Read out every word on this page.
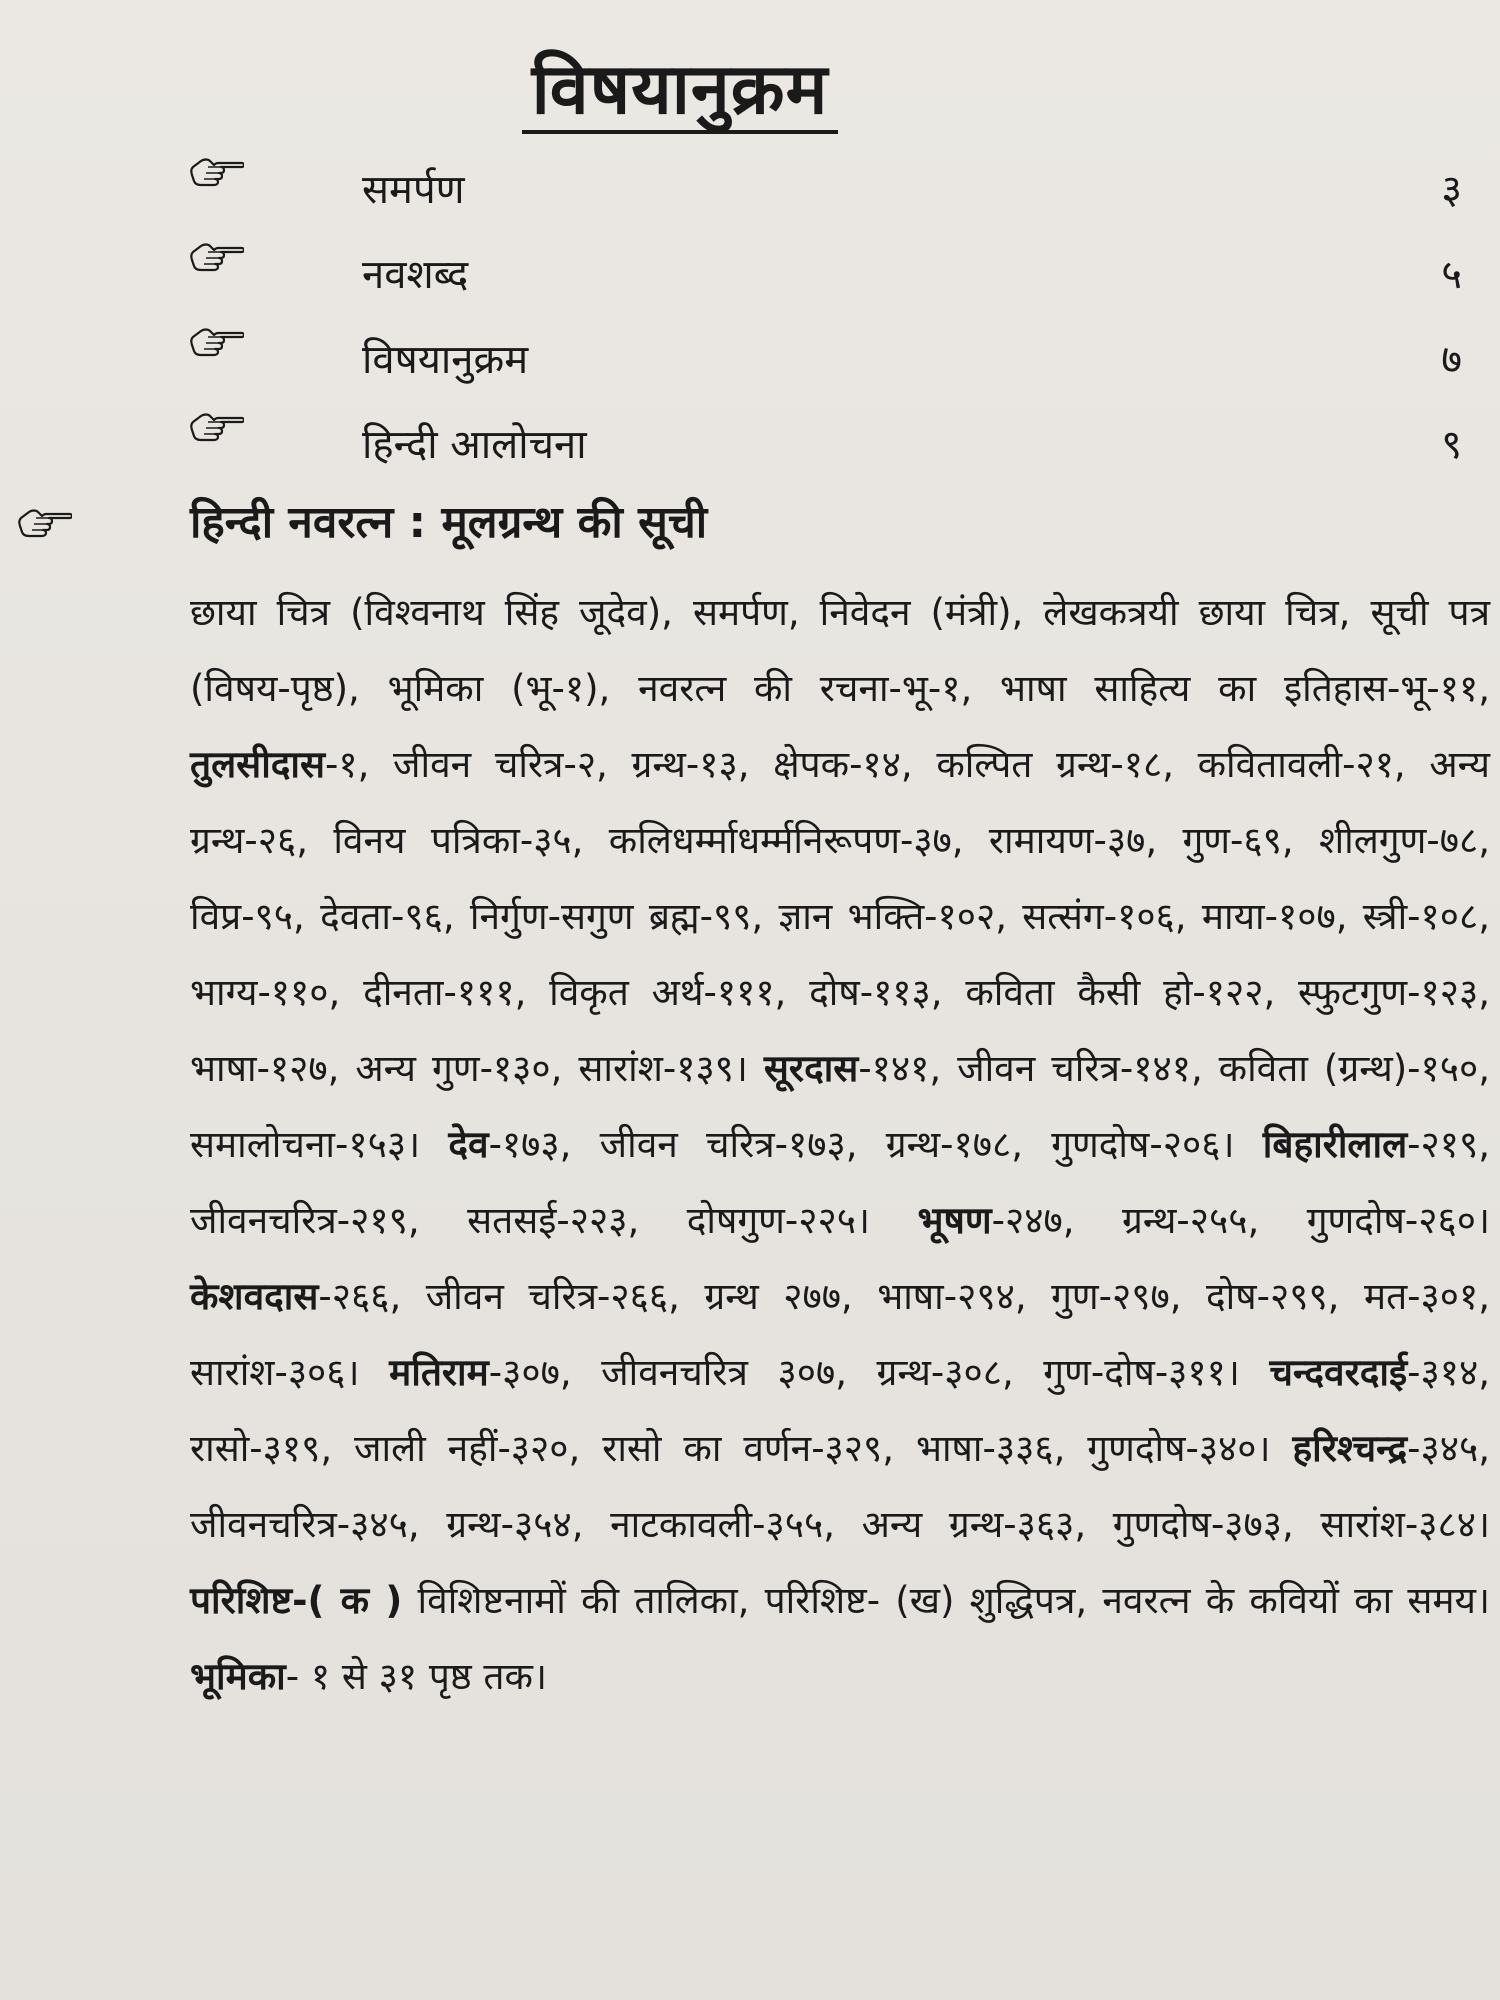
विषयानुक्रम
समर्पण	३
नवशब्द	५
विषयानुक्रम	७
हिन्दी आलोचना	९
हिन्दी नवरत्न : मूलग्रन्थ की सूची
छाया चित्र (विश्वनाथ सिंह जूदेव), समर्पण, निवेदन (मंत्री), लेखकत्रयी छाया चित्र, सूची पत्र (विषय-पृष्ठ), भूमिका (भू-१), नवरत्न की रचना-भू-१, भाषा साहित्य का इतिहास-भू-११, तुलसीदास-१, जीवन चरित्र-२, ग्रन्थ-१३, क्षेपक-१४, कल्पित ग्रन्थ-१८, कवितावली-२१, अन्य ग्रन्थ-२६, विनय पत्रिका-३५, कलिधर्म्माधर्म्मनिरूपण-३७, रामायण-३७, गुण-६९, शीलगुण-७८, विप्र-९५, देवता-९६, निर्गुण-सगुण ब्रह्म-९९, ज्ञान भक्ति-१०२, सत्संग-१०६, माया-१०७, स्त्री-१०८, भाग्य-११०, दीनता-१११, विकृत अर्थ-१११, दोष-११३, कविता कैसी हो-१२२, स्फुटगुण-१२३, भाषा-१२७, अन्य गुण-१३०, सारांश-१३९। सूरदास-१४१, जीवन चरित्र-१४१, कविता (ग्रन्थ)-१५०, समालोचना-१५३। देव-१७३, जीवन चरित्र-१७३, ग्रन्थ-१७८, गुणदोष-२०६। बिहारीलाल-२१९, जीवनचरित्र-२१९, सतसई-२२३, दोषगुण-२२५। भूषण-२४७, ग्रन्थ-२५५, गुणदोष-२६०। केशवदास-२६६, जीवन चरित्र-२६६, ग्रन्थ २७७, भाषा-२९४, गुण-२९७, दोष-२९९, मत-३०१, सारांश-३०६। मतिराम-३०७, जीवनचरित्र ३०७, ग्रन्थ-३०८, गुण-दोष-३११। चन्दवरदाई-३१४, रासो-३१९, जाली नहीं-३२०, रासो का वर्णन-३२९, भाषा-३३६, गुणदोष-३४०। हरिश्चन्द्र-३४५, जीवनचरित्र-३४५, ग्रन्थ-३५४, नाटकावली-३५५, अन्य ग्रन्थ-३६३, गुणदोष-३७३, सारांश-३८४। परिशिष्ट-( क ) विशिष्टनामों की तालिका, परिशिष्ट- (ख) शुद्धिपत्र, नवरत्न के कवियों का समय। भूमिका- १ से ३१ पृष्ठ तक।
